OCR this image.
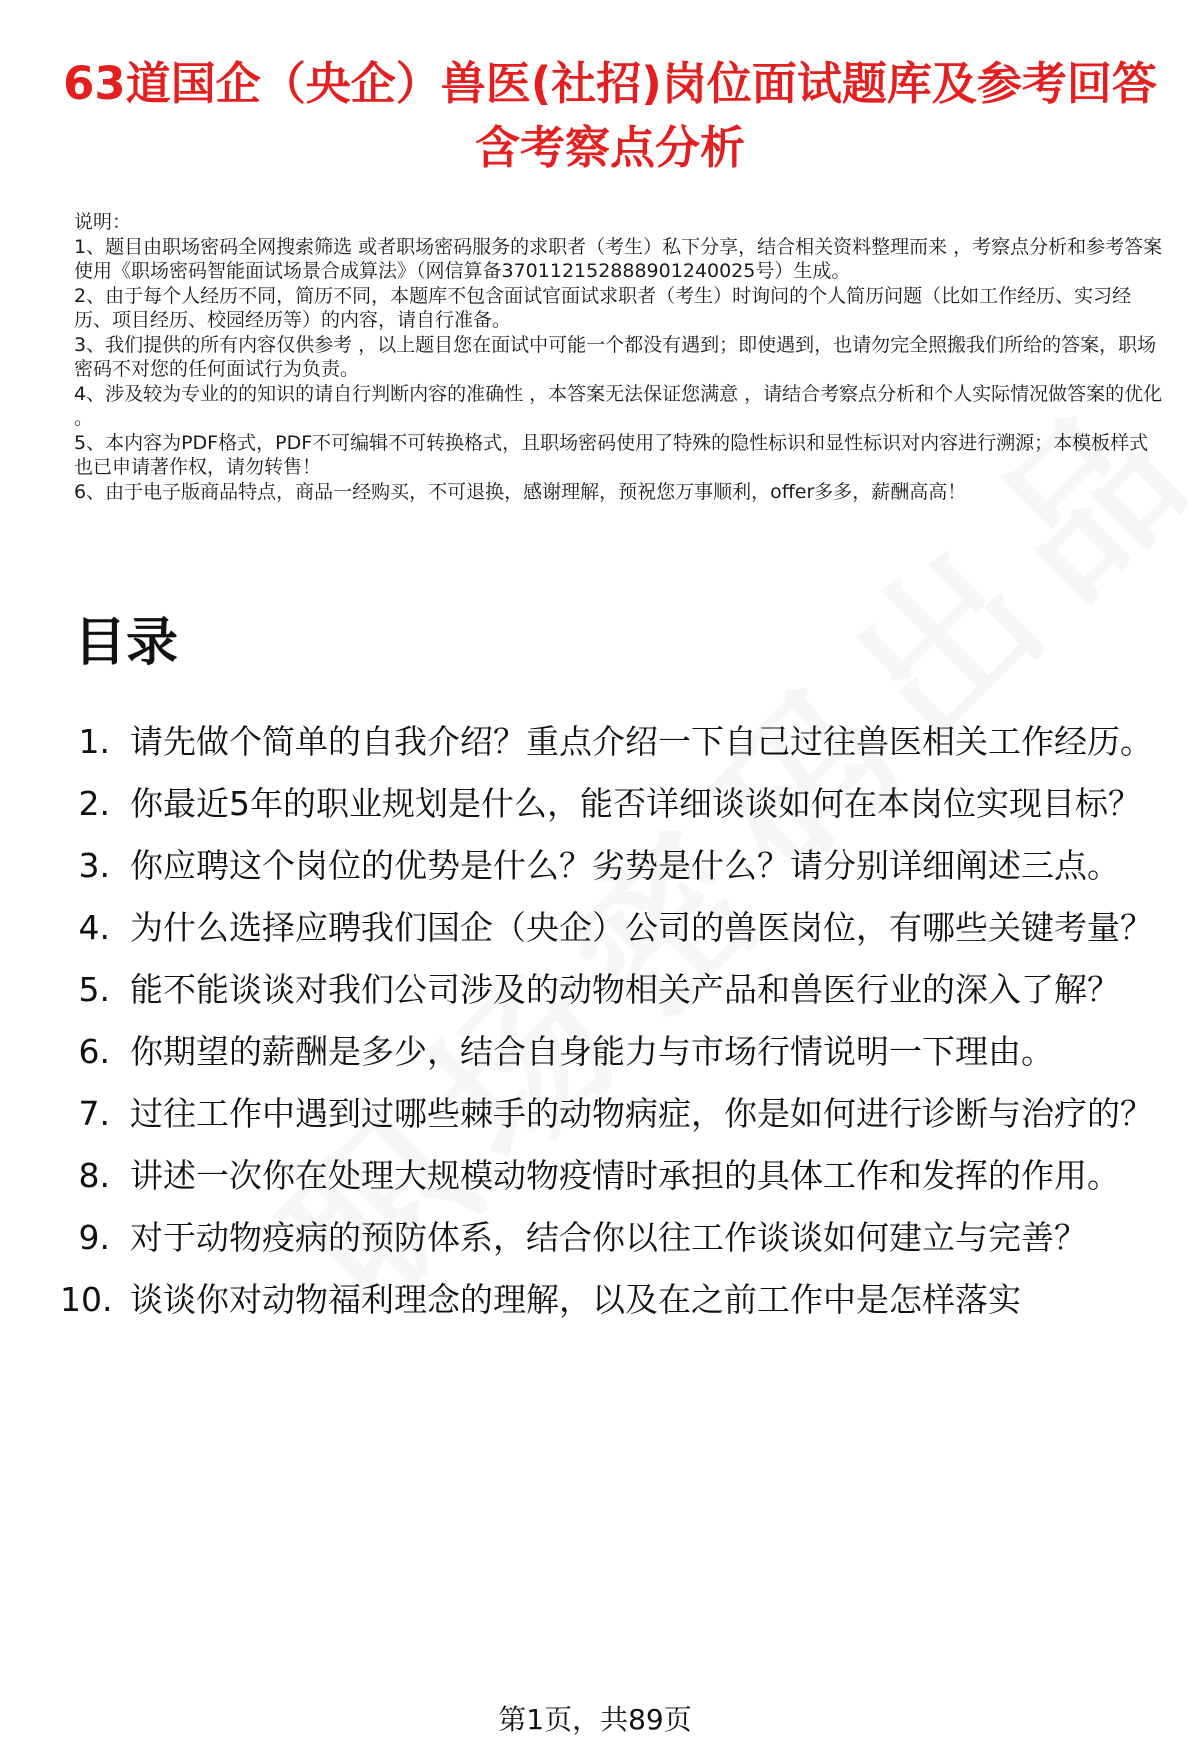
63道国企（央企）兽医(社招)岗位面试题库及参考回答含考察点分析

说明：

1、题目由职场密码全网搜索筛选 或者职场密码服务的求职者（考生）私下分享，结合相关资料整理而来 ，考察点分析和参考答案使用《职场密码智能面试场景合成算法》（网信算备370112152888901240025号）生成。

2、由于每个人经历不同，简历不同，本题库不包含面试官面试求职者（考生）时询问的个人简历问题（比如工作经历、实习经历、项目经历、校园经历等）的内容，请自行准备。

3、我们提供的所有内容仅供参考 ，以上题目您在面试中可能一个都没有遇到；即使遇到，也请勿完全照搬我们所给的答案，职场密码不对您的任何面试行为负责。

4、涉及较为专业的的知识的请自行判断内容的准确性 ，本答案无法保证您满意 ，请结合考察点分析和个人实际情况做答案的优化 。

5、本内容为PDF格式，PDF不可编辑不可转换格式，且职场密码使用了特殊的隐性标识和显性标识对内容进行溯源；本模板样式也已申请著作权，请勿转售！

6、由于电子版商品特点，商品一经购买，不可退换，感谢理解，预祝您万事顺利，offer多多，薪酬高高！

目录
1. 请先做个简单的自我介绍？重点介绍一下自己过往兽医相关工作经历。
2. 你最近5年的职业规划是什么，能否详细谈谈如何在本岗位实现目标？
3. 你应聘这个岗位的优势是什么？劣势是什么？请分别详细阐述三点。
4. 为什么选择应聘我们国企（央企）公司的兽医岗位，有哪些关键考量？
5. 能不能谈谈对我们公司涉及的动物相关产品和兽医行业的深入了解？
6. 你期望的薪酬是多少，结合自身能力与市场行情说明一下理由。
7. 过往工作中遇到过哪些棘手的动物病症，你是如何进行诊断与治疗的？
8. 讲述一次你在处理大规模动物疫情时承担的具体工作和发挥的作用。
9. 对于动物疫病的预防体系，结合你以往工作谈谈如何建立与完善？
10. 谈谈你对动物福利理念的理解，以及在之前工作中是怎样落实
第1页，共89页
